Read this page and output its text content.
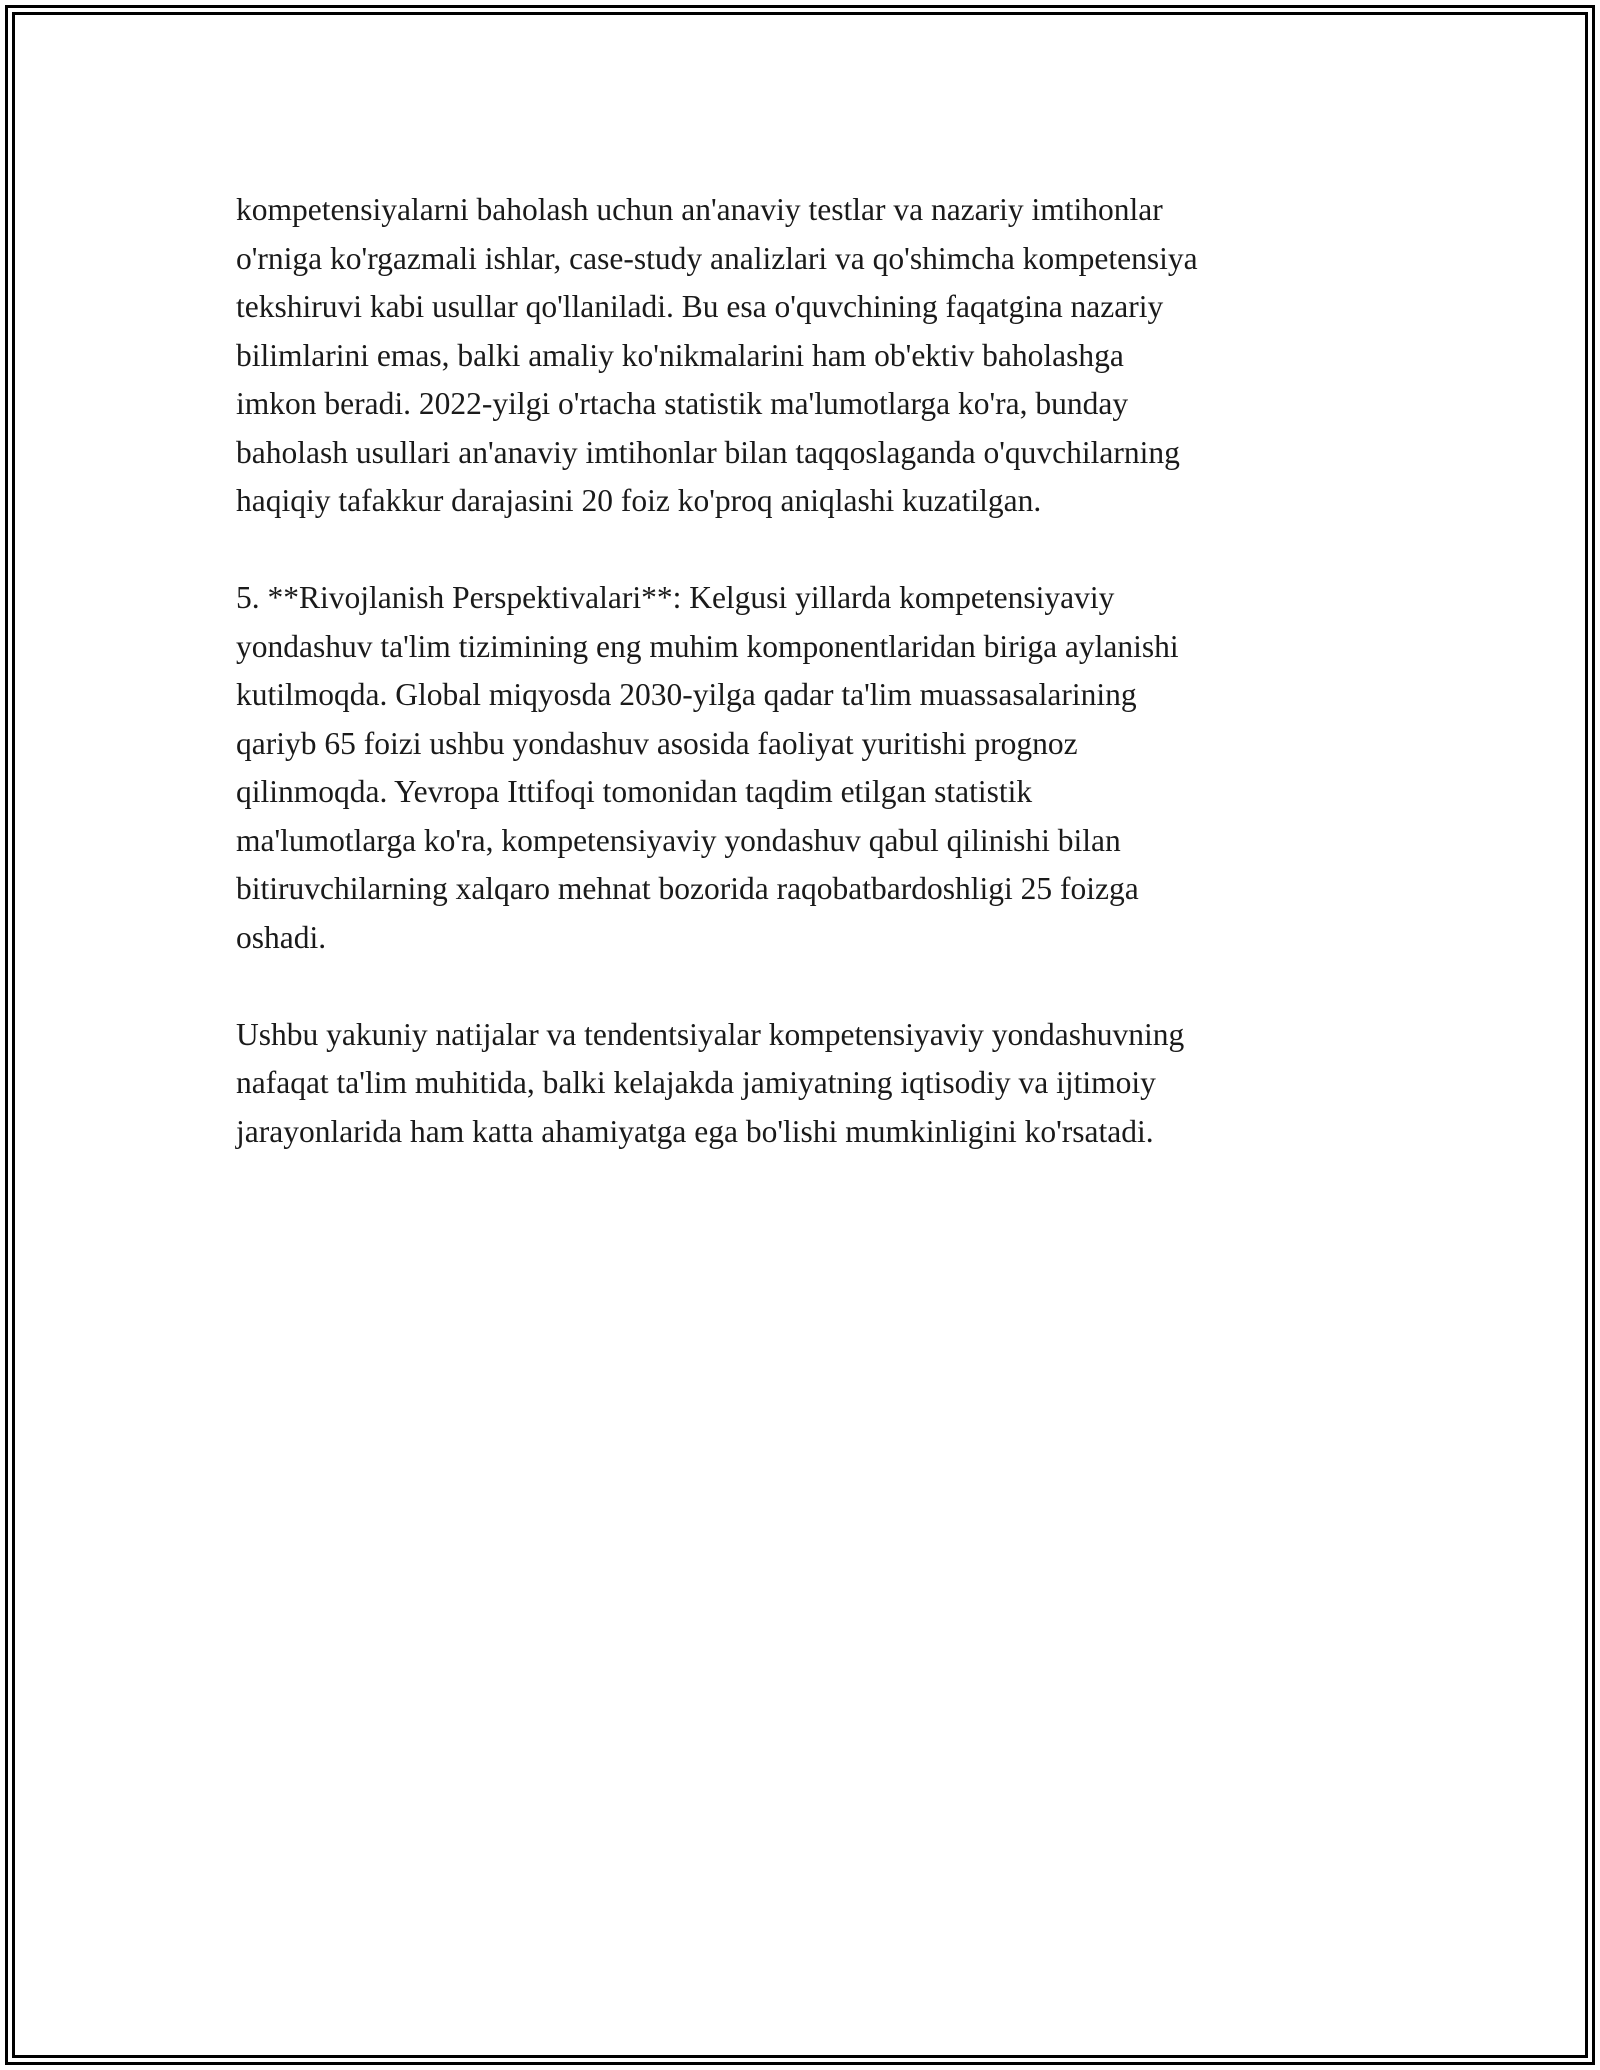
kompetensiyalarni baholash uchun an'anaviy testlar va nazariy imtihonlar
o'rniga ko'rgazmali ishlar, case-study analizlari va qo'shimcha kompetensiya
tekshiruvi kabi usullar qo'llaniladi. Bu esa o'quvchining faqatgina nazariy
bilimlarini emas, balki amaliy ko'nikmalarini ham ob'ektiv baholashga
imkon beradi. 2022-yilgi o'rtacha statistik ma'lumotlarga ko'ra, bunday
baholash usullari an'anaviy imtihonlar bilan taqqoslaganda o'quvchilarning
haqiqiy tafakkur darajasini 20 foiz ko'proq aniqlashi kuzatilgan.

5. **Rivojlanish Perspektivalari**: Kelgusi yillarda kompetensiyaviy
yondashuv ta'lim tizimining eng muhim komponentlaridan biriga aylanishi
kutilmoqda. Global miqyosda 2030-yilga qadar ta'lim muassasalarining
qariyb 65 foizi ushbu yondashuv asosida faoliyat yuritishi prognoz
qilinmoqda. Yevropa Ittifoqi tomonidan taqdim etilgan statistik
ma'lumotlarga ko'ra, kompetensiyaviy yondashuv qabul qilinishi bilan
bitiruvchilarning xalqaro mehnat bozorida raqobatbardoshligi 25 foizga
oshadi.

Ushbu yakuniy natijalar va tendentsiyalar kompetensiyaviy yondashuvning
nafaqat ta'lim muhitida, balki kelajakda jamiyatning iqtisodiy va ijtimoiy
jarayonlarida ham katta ahamiyatga ega bo'lishi mumkinligini ko'rsatadi.
